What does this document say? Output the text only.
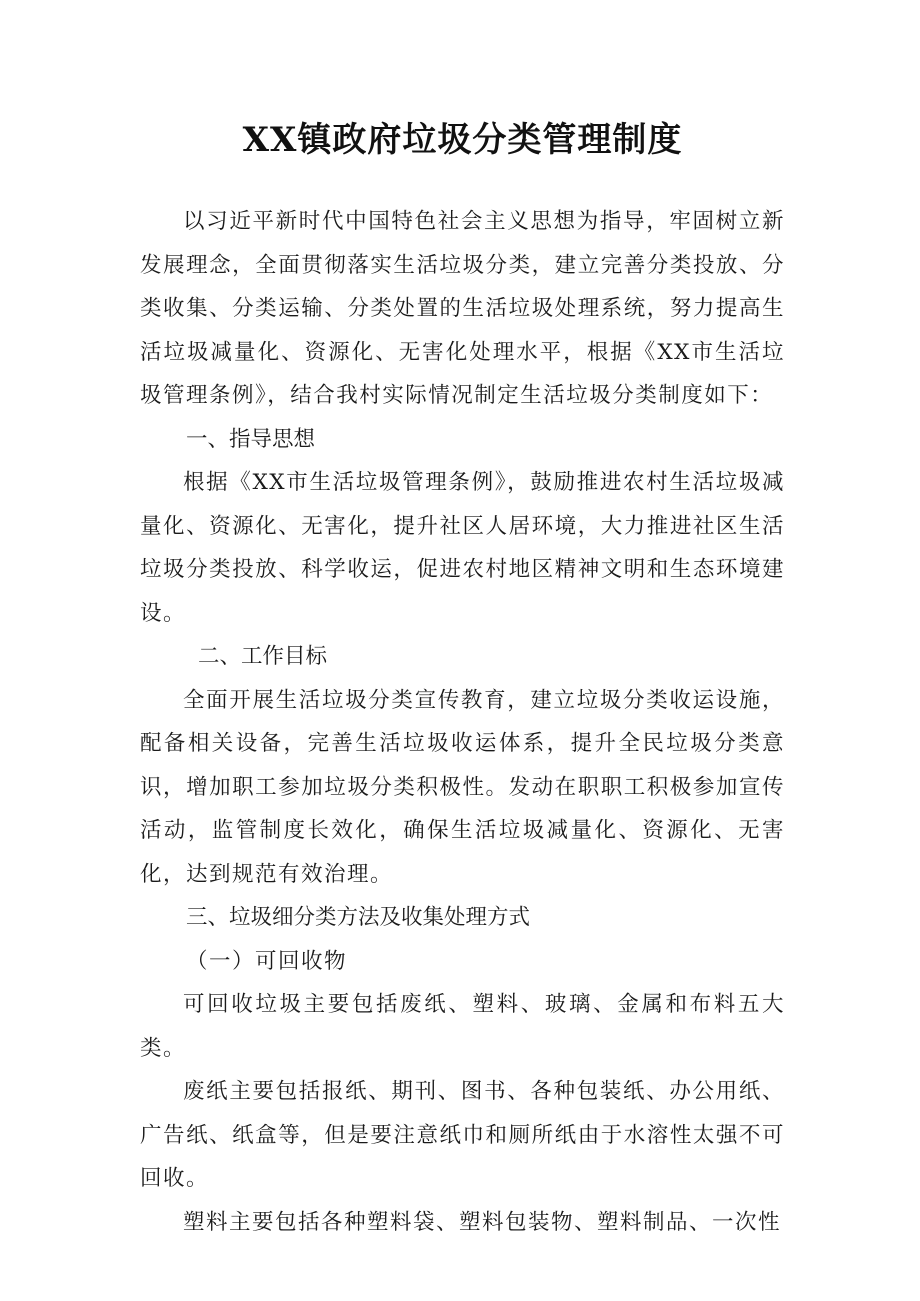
XX镇政府垃圾分类管理制度

以习近平新时代中国特色社会主义思想为指导，牢固树立新发展理念，全面贯彻落实生活垃圾分类，建立完善分类投放、分类收集、分类运输、分类处置的生活垃圾处理系统，努力提高生活垃圾减量化、资源化、无害化处理水平，根据《XX市生活垃圾管理条例》，结合我村实际情况制定生活垃圾分类制度如下：

一、指导思想

根据《XX市生活垃圾管理条例》，鼓励推进农村生活垃圾减量化、资源化、无害化，提升社区人居环境，大力推进社区生活垃圾分类投放、科学收运，促进农村地区精神文明和生态环境建设。

二、工作目标

全面开展生活垃圾分类宣传教育，建立垃圾分类收运设施，配备相关设备，完善生活垃圾收运体系，提升全民垃圾分类意识，增加职工参加垃圾分类积极性。发动在职职工积极参加宣传活动，监管制度长效化，确保生活垃圾减量化、资源化、无害化，达到规范有效治理。

三、垃圾细分类方法及收集处理方式

（一）可回收物

可回收垃圾主要包括废纸、塑料、玻璃、金属和布料五大类。

废纸主要包括报纸、期刊、图书、各种包装纸、办公用纸、广告纸、纸盒等，但是要注意纸巾和厕所纸由于水溶性太强不可回收。

塑料主要包括各种塑料袋、塑料包装物、塑料制品、一次性
